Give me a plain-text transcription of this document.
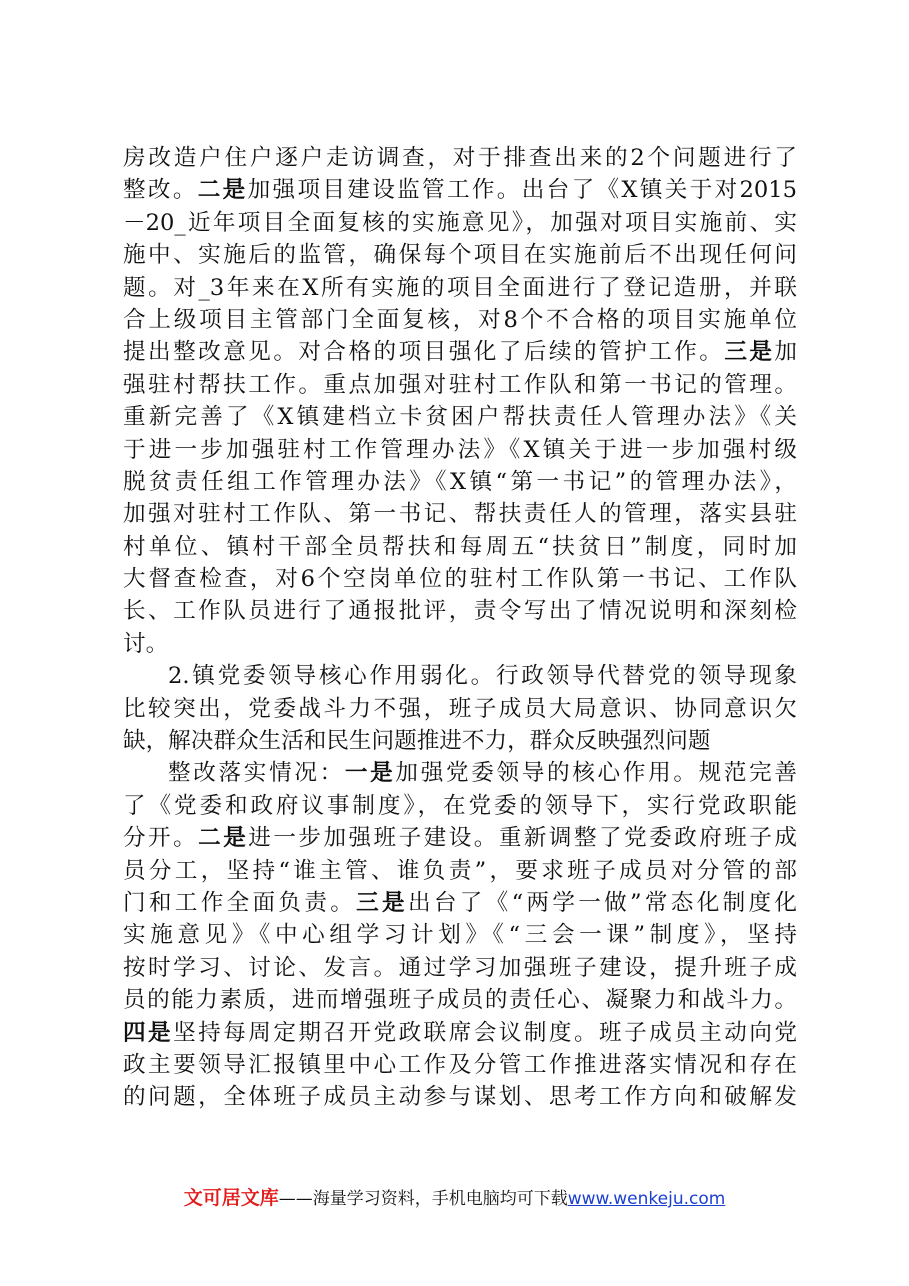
房改造户住户逐户走访调查，对于排查出来的2个问题进行了
整改。二是加强项目建设监管工作。出台了《X镇关于对2015
－20_近年项目全面复核的实施意见》，加强对项目实施前、实
施中、实施后的监管，确保每个项目在实施前后不出现任何问
题。对_3年来在X所有实施的项目全面进行了登记造册，并联
合上级项目主管部门全面复核，对8个不合格的项目实施单位
提出整改意见。对合格的项目强化了后续的管护工作。三是加
强驻村帮扶工作。重点加强对驻村工作队和第一书记的管理。
重新完善了《X镇建档立卡贫困户帮扶责任人管理办法》《关
于进一步加强驻村工作管理办法》《X镇关于进一步加强村级
脱贫责任组工作管理办法》《X镇“第一书记”的管理办法》，
加强对驻村工作队、第一书记、帮扶责任人的管理，落实县驻
村单位、镇村干部全员帮扶和每周五“扶贫日”制度，同时加
大督查检查，对6个空岗单位的驻村工作队第一书记、工作队
长、工作队员进行了通报批评，责令写出了情况说明和深刻检
讨。
2.镇党委领导核心作用弱化。行政领导代替党的领导现象
比较突出，党委战斗力不强，班子成员大局意识、协同意识欠
缺，解决群众生活和民生问题推进不力，群众反映强烈问题
整改落实情况：一是加强党委领导的核心作用。规范完善
了《党委和政府议事制度》，在党委的领导下，实行党政职能
分开。二是进一步加强班子建设。重新调整了党委政府班子成
员分工，坚持“谁主管、谁负责”，要求班子成员对分管的部
门和工作全面负责。三是出台了《“两学一做”常态化制度化
实施意见》《中心组学习计划》《“三会一课”制度》，坚持
按时学习、讨论、发言。通过学习加强班子建设，提升班子成
员的能力素质，进而增强班子成员的责任心、凝聚力和战斗力。
四是坚持每周定期召开党政联席会议制度。班子成员主动向党
政主要领导汇报镇里中心工作及分管工作推进落实情况和存在
的问题，全体班子成员主动参与谋划、思考工作方向和破解发
文可居文库——海量学习资料，手机电脑均可下载www.wenkeju.com
